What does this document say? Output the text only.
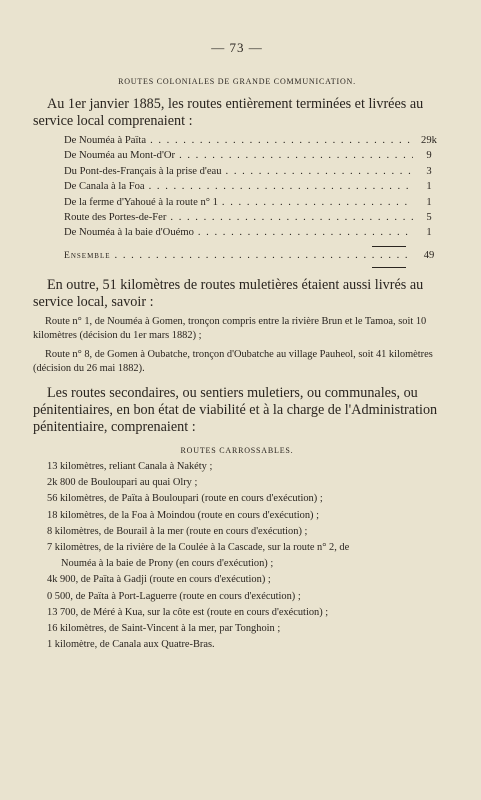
— 73 —
ROUTES COLONIALES DE GRANDE COMMUNICATION.
Au 1er janvier 1885, les routes entièrement terminées et livrées au service local comprenaient :
De Nouméa à Païta . . .	29k
De Nouméa au Mont-d'Or . . .	9
Du Pont-des-Français à la prise d'eau . . .	3
De Canala à la Foa . . .	1
De la ferme d'Yahoué à la route n° 1 . . .	1
Route des Portes-de-Fer . . .	5
De Nouméa à la baie d'Ouémo . . .	1
Ensemble . . .	49
En outre, 51 kilomètres de routes muletières étaient aussi livrés au service local, savoir :
Route n° 1, de Nouméa à Gomen, tronçon compris entre la rivière Brun et le Tamoa, soit 10 kilomètres (décision du 1er mars 1882) ;
Route n° 8, de Gomen à Oubatche, tronçon d'Oubatche au village Pauheol, soit 41 kilomètres (décision du 26 mai 1882).
Les routes secondaires, ou sentiers muletiers, ou communales, ou pénitentiaires, en bon état de viabilité et à la charge de l'Administration pénitentiaire, comprenaient :
ROUTES CARROSSABLES.
13 kilomètres, reliant Canala à Nakéty ;
2k 800 de Bouloupari au quai Olry ;
56 kilomètres, de Païta à Bouloupari (route en cours d'exécution) ;
18 kilomètres, de la Foa à Moindou (route en cours d'exécution) ;
8 kilomètres, de Bourail à la mer (route en cours d'exécution) ;
7 kilomètres, de la rivière de la Coulée à la Cascade, sur la route n° 2, de
Nouméa à la baie de Prony (en cours d'exécution) ;
4k 900, de Païta à Gadji (route en cours d'exécution) ;
0 500, de Païta à Port-Laguerre (route en cours d'exécution) ;
13 700, de Méré à Kua, sur la côte est (route en cours d'exécution) ;
16 kilomètres, de Saint-Vincent à la mer, par Tonghoin ;
1 kilomètre, de Canala aux Quatre-Bras.
